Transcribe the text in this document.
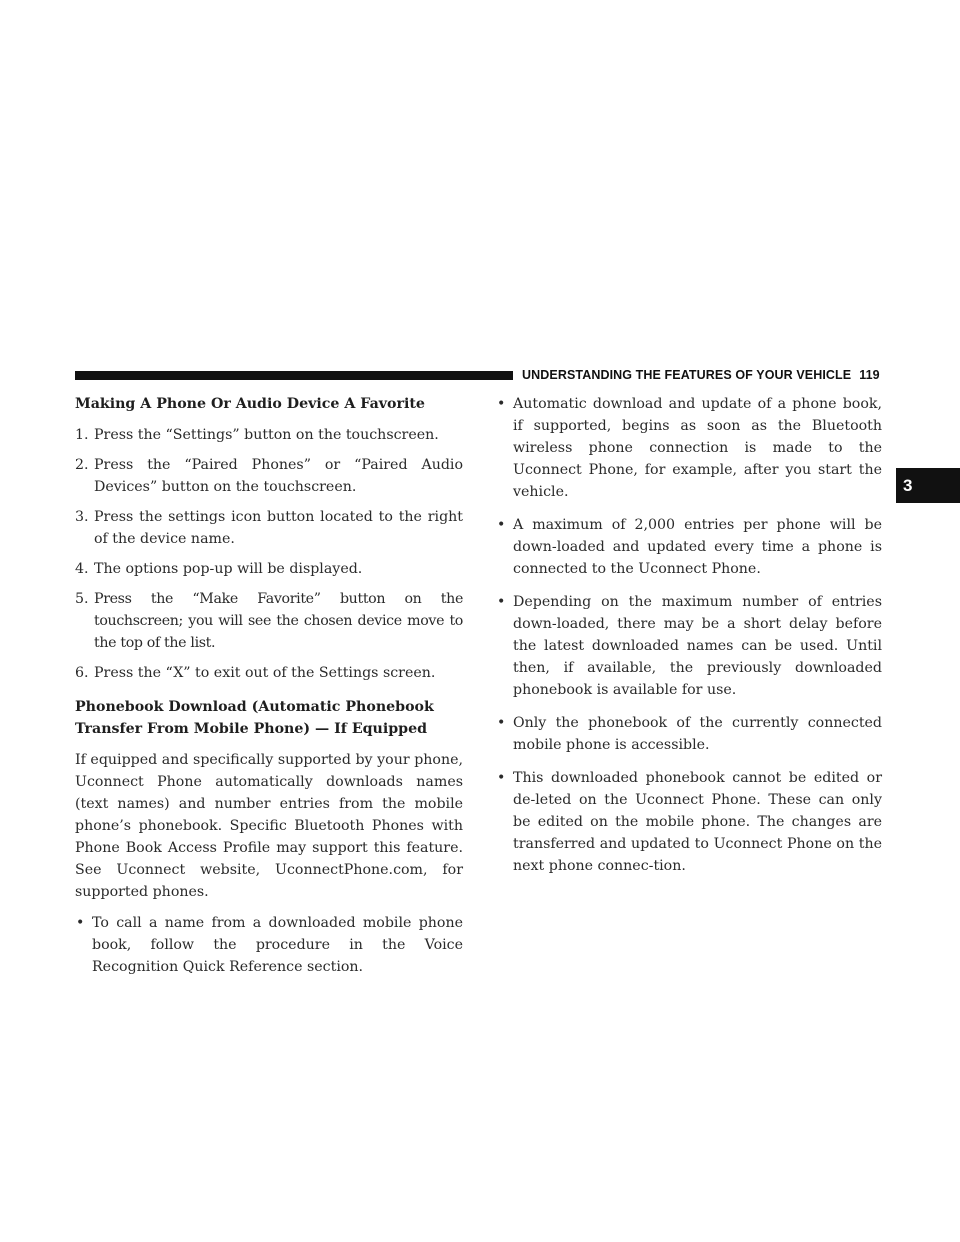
UNDERSTANDING THE FEATURES OF YOUR VEHICLE 119
3
Making A Phone Or Audio Device A Favorite
1. Press the “Settings” button on the touchscreen.
2. Press the “Paired Phones” or “Paired Audio Devices” button on the touchscreen.
3. Press the settings icon button located to the right of the device name.
4. The options pop-up will be displayed.
5. Press the “Make Favorite” button on the touchscreen; you will see the chosen device move to the top of the list.
6. Press the “X” to exit out of the Settings screen.
Phonebook Download (Automatic Phonebook
Transfer From Mobile Phone) — If Equipped
If equipped and specifically supported by your phone, Uconnect Phone automatically downloads names (text names) and number entries from the mobile phone’s phonebook. Specific Bluetooth Phones with Phone Book Access Profile may support this feature. See Uconnect website, UconnectPhone.com, for supported phones.
• To call a name from a downloaded mobile phone book, follow the procedure in the Voice Recognition Quick Reference section.
• Automatic download and update of a phone book, if supported, begins as soon as the Bluetooth wireless phone connection is made to the Uconnect Phone, for example, after you start the vehicle.
• A maximum of 2,000 entries per phone will be down-loaded and updated every time a phone is connected to the Uconnect Phone.
• Depending on the maximum number of entries down-loaded, there may be a short delay before the latest downloaded names can be used. Until then, if available, the previously downloaded phonebook is available for use.
• Only the phonebook of the currently connected mobile phone is accessible.
• This downloaded phonebook cannot be edited or de-leted on the Uconnect Phone. These can only be edited on the mobile phone. The changes are transferred and updated to Uconnect Phone on the next phone connec-tion.
